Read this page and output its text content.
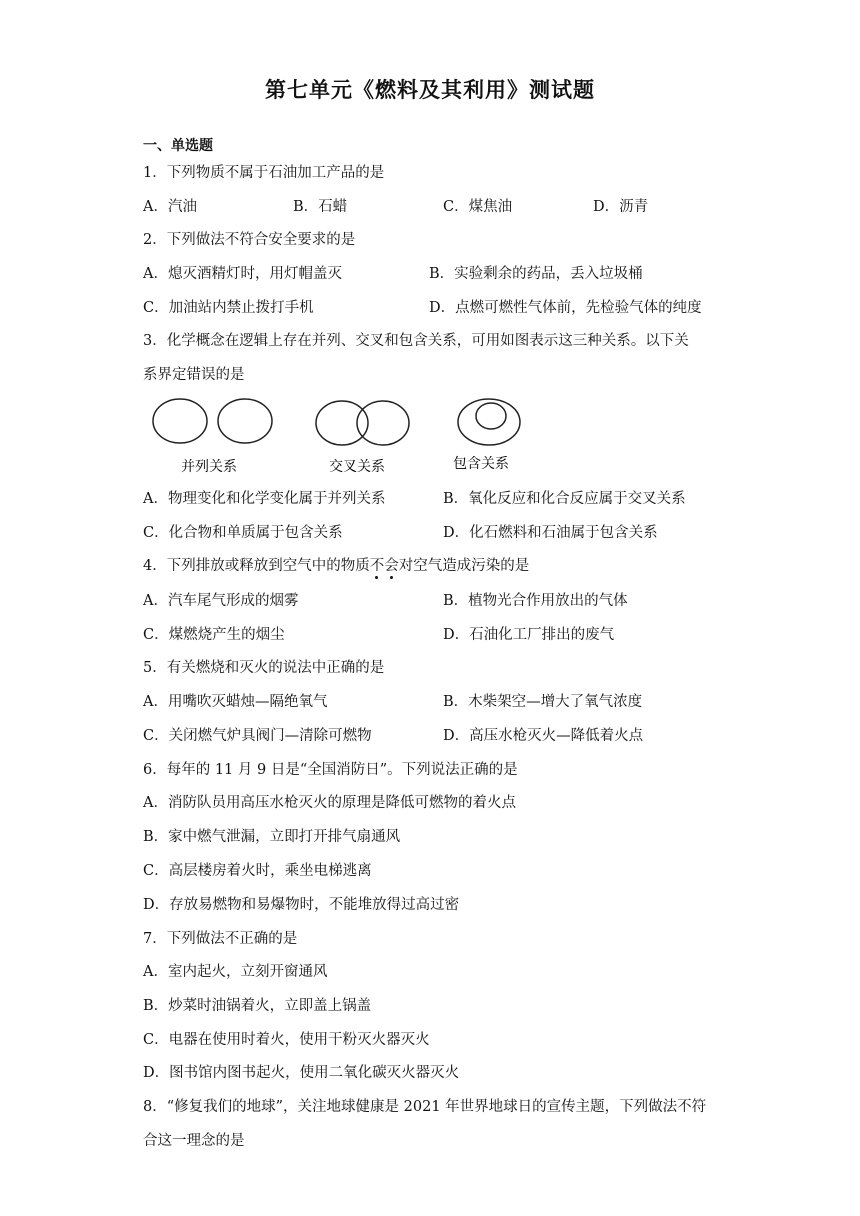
第七单元《燃料及其利用》测试题
一、单选题
1．下列物质不属于石油加工产品的是
A．汽油	B．石蜡	C．煤焦油	D．沥青
2．下列做法不符合安全要求的是
A．熄灭酒精灯时，用灯帽盖灭	B．实验剩余的药品，丢入垃圾桶
C．加油站内禁止拨打手机	D．点燃可燃性气体前，先检验气体的纯度
3．化学概念在逻辑上存在并列、交叉和包含关系，可用如图表示这三种关系。以下关
系界定错误的是
并列关系	交叉关系	包含关系
A．物理变化和化学变化属于并列关系	B．氧化反应和化合反应属于交叉关系
C．化合物和单质属于包含关系	D．化石燃料和石油属于包含关系
4．下列排放或释放到空气中的物质不会对空气造成污染的是
A．汽车尾气形成的烟雾	B．植物光合作用放出的气体
C．煤燃烧产生的烟尘	D．石油化工厂排出的废气
5．有关燃烧和灭火的说法中正确的是
A．用嘴吹灭蜡烛—隔绝氧气	B．木柴架空—增大了氧气浓度
C．关闭燃气炉具阀门—清除可燃物	D．高压水枪灭火—降低着火点
6．每年的 11 月 9 日是“全国消防日”。下列说法正确的是
A．消防队员用高压水枪灭火的原理是降低可燃物的着火点
B．家中燃气泄漏，立即打开排气扇通风
C．高层楼房着火时，乘坐电梯逃离
D．存放易燃物和易爆物时，不能堆放得过高过密
7．下列做法不正确的是
A．室内起火，立刻开窗通风
B．炒菜时油锅着火，立即盖上锅盖
C．电器在使用时着火，使用干粉灭火器灭火
D．图书馆内图书起火，使用二氧化碳灭火器灭火
8．“修复我们的地球”，关注地球健康是 2021 年世界地球日的宣传主题，下列做法不符
合这一理念的是
